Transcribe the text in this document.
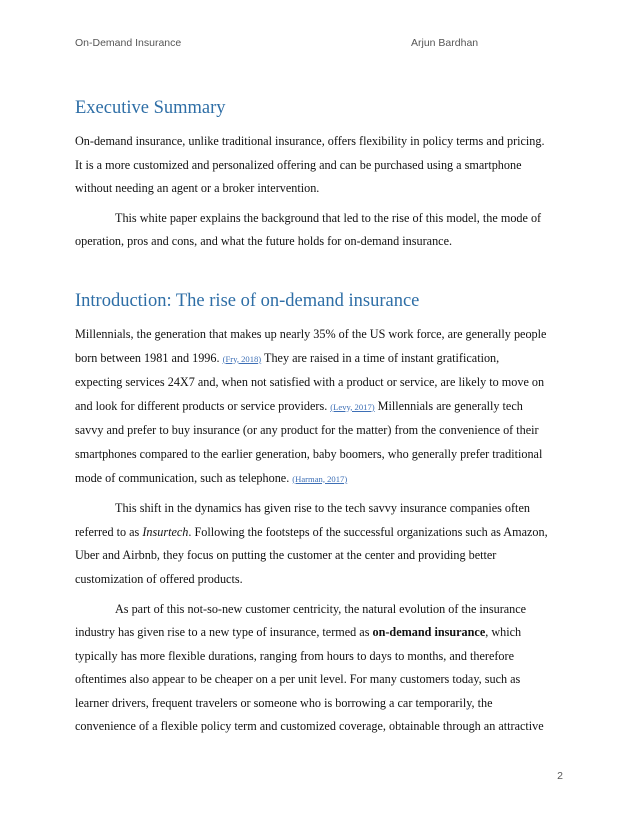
On-Demand Insurance	Arjun Bardhan
Executive Summary

On-demand insurance, unlike traditional insurance, offers flexibility in policy terms and pricing.

It is a more customized and personalized offering and can be purchased using a smartphone

without needing an agent or a broker intervention.

This white paper explains the background that led to the rise of this model, the mode of

operation, pros and cons, and what the future holds for on-demand insurance.

Introduction: The rise of on-demand insurance

Millennials, the generation that makes up nearly 35% of the US work force, are generally people

born between 1981 and 1996. (Fry, 2018) They are raised in a time of instant gratification,

expecting services 24X7 and, when not satisfied with a product or service, are likely to move on

and look for different products or service providers. (Levy, 2017) Millennials are generally tech

savvy and prefer to buy insurance (or any product for the matter) from the convenience of their

smartphones compared to the earlier generation, baby boomers, who generally prefer traditional

mode of communication, such as telephone. (Harman, 2017)

This shift in the dynamics has given rise to the tech savvy insurance companies often

referred to as Insurtech. Following the footsteps of the successful organizations such as Amazon,

Uber and Airbnb, they focus on putting the customer at the center and providing better

customization of offered products.

As part of this not-so-new customer centricity, the natural evolution of the insurance

industry has given rise to a new type of insurance, termed as on-demand insurance, which

typically has more flexible durations, ranging from hours to days to months, and therefore

oftentimes also appear to be cheaper on a per unit level. For many customers today, such as

learner drivers, frequent travelers or someone who is borrowing a car temporarily, the

convenience of a flexible policy term and customized coverage, obtainable through an attractive

2
